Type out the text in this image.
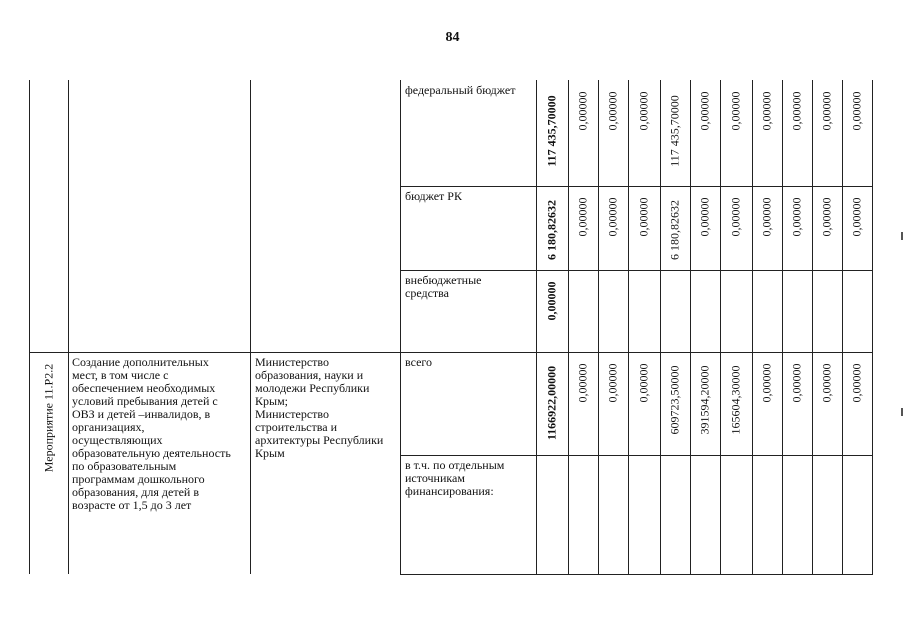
84
федеральный бюджет
117 435,70000 0,00000 0,00000 0,00000 117 435,70000 0,00000 0,00000 0,00000 0,00000 0,00000 0,00000
бюджет РК
6 180,82632 0,00000 0,00000 0,00000 6 180,82632 0,00000 0,00000 0,00000 0,00000 0,00000 0,00000
внебюджетные
средства	0,00000
всего
1166922,00000 0,00000 0,00000 0,00000 609723,50000 391594,20000 165604,30000 0,00000 0,00000 0,00000 0,00000
в т.ч. по отдельным
источникам
финансирования:
Создание дополнительных
мест, в том числе с
обеспечением необходимых
условий пребывания детей с
ОВЗ и детей –инвалидов, в
организациях,
осуществляющих
образовательную деятельность
по образовательным
программам дошкольного
образования, для детей в
возрасте от 1,5 до 3 лет
Министерство
образования, науки и
молодежи Республики
Крым;
Министерство
строительства и
архитектуры Республики
Крым
Мероприятие 11.Р2.2
